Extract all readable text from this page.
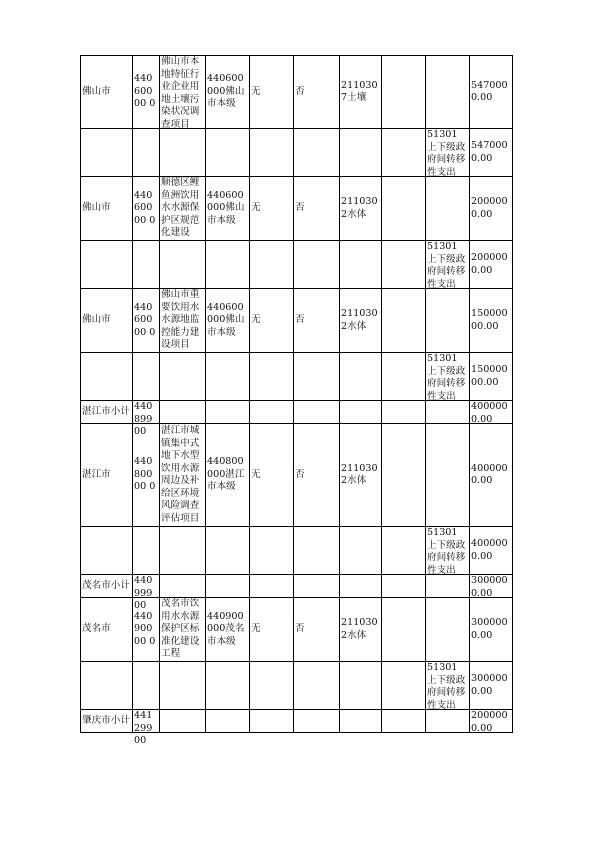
佛山市	44060000 0	佛山市本地特征行业企业用地土壤污染状况调查项目	440600000佛山市本级	无	否	2110307土壤			5470000.00

								51301 上下级政府间转移性支出	5470000.00

佛山市	44060000 0	顺德区鲤鱼洲饮用水水源保护区规范化建设	440600000佛山市本级	无	否	2110302水体			2000000.00

								51301 上下级政府间转移性支出	2000000.00

佛山市	44060000 0	佛山市重要饮用水水源地监控能力建设项目	440600000佛山市本级	无	否	2110302水体			15000000.00

								51301 上下级政府间转移性支出	15000000.00

湛江市小计	44089900								4000000.00

湛江市	44080000 0	湛江市城镇集中式地下水型饮用水源周边及补给区环境风险调查评估项目	440800000湛江市本级	无	否	2110302水体			4000000.00

								51301 上下级政府间转移性支出	4000000.00

茂名市小计	44099900								3000000.00

茂名市	44090000 0	茂名市饮用水水源保护区标准化建设工程	440900000茂名市本级	无	否	2110302水体			3000000.00

								51301 上下级政府间转移性支出	3000000.00

肇庆市小计	44129900								2000000.00
